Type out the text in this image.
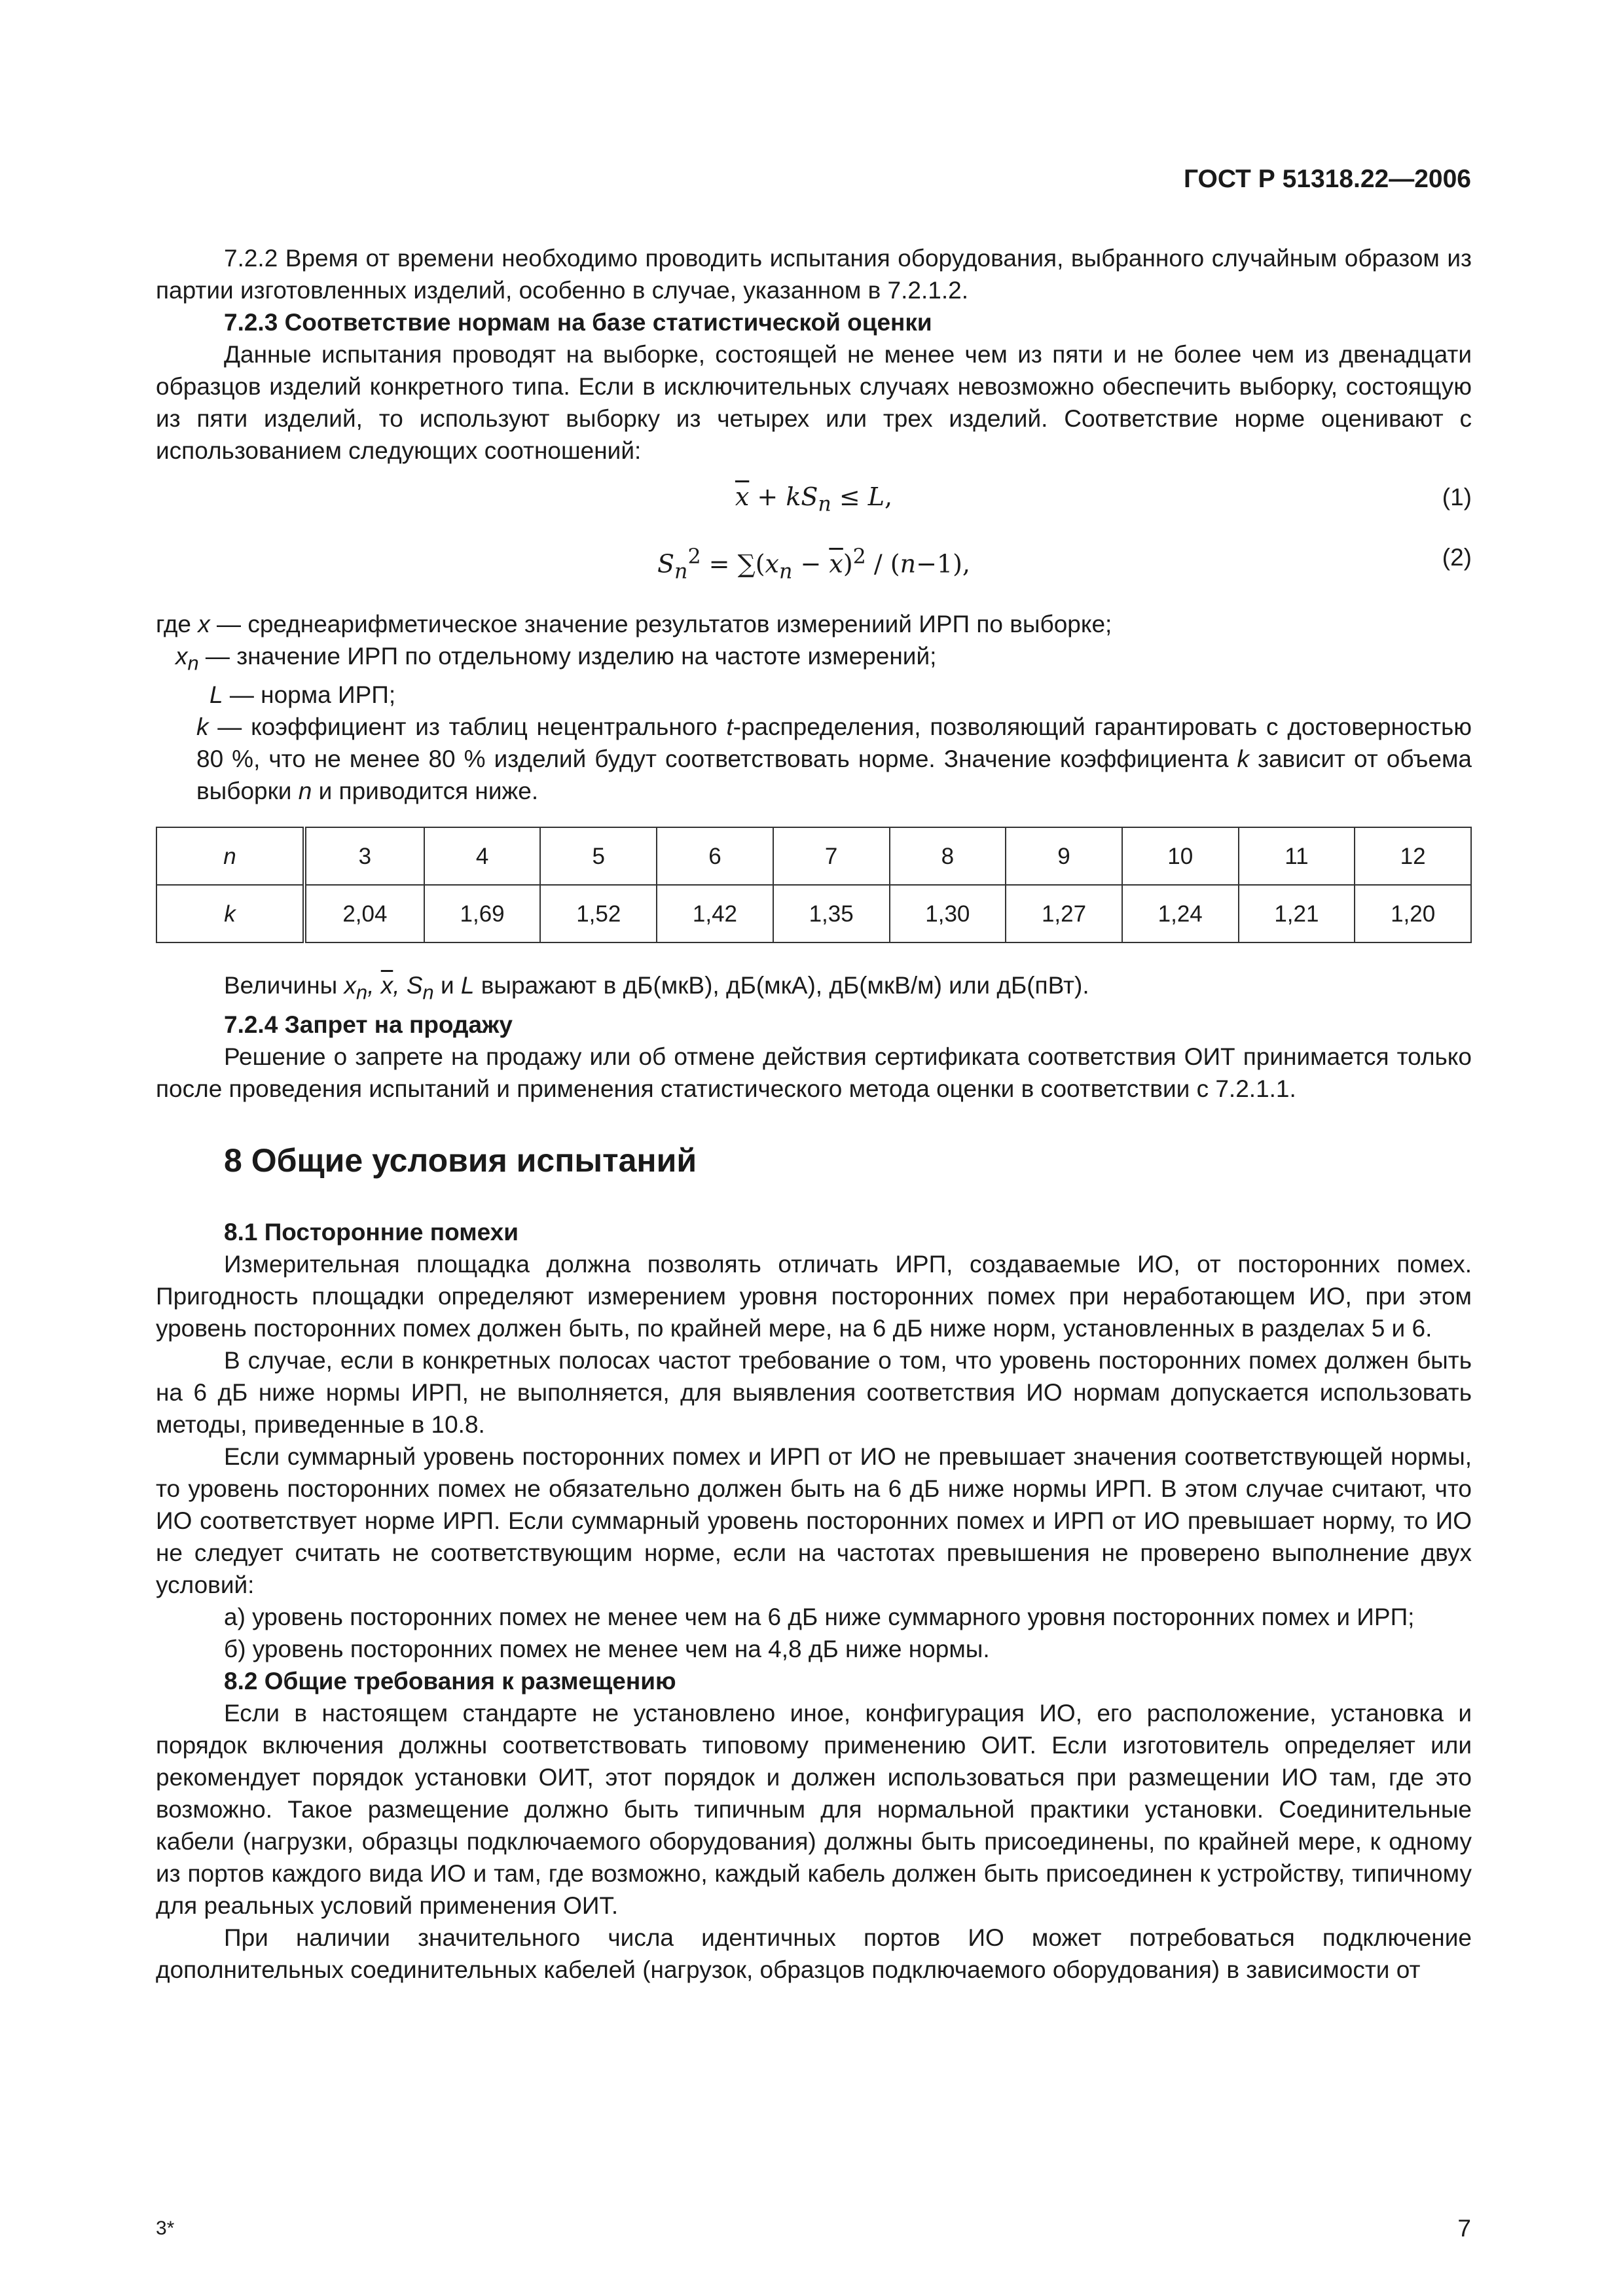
ГОСТ Р 51318.22—2006

7.2.2 Время от времени необходимо проводить испытания оборудования, выбранного случайным образом из партии изготовленных изделий, особенно в случае, указанном в 7.2.1.2.

7.2.3 Соответствие нормам на базе статистической оценки

Данные испытания проводят на выборке, состоящей не менее чем из пяти и не более чем из двенадцати образцов изделий конкретного типа. Если в исключительных случаях невозможно обеспечить выборку, состоящую из пяти изделий, то используют выборку из четырех или трех изделий. Соответствие норме оценивают с использованием следующих соотношений:

$\overline{x} + kS_n \le L$,	(1)
$S_n^2 = \sum(x_n - \overline{x})^2 / (n-1)$,	(2)

где x — среднеарифметическое значение результатов измерениий ИРП по выборке;

$x_n$ — значение ИРП по отдельному изделию на частоте измерений;

L — норма ИРП;

k — коэффициент из таблиц нецентрального t-распределения, позволяющий гарантировать с достоверностью 80 %, что не менее 80 % изделий будут соответствовать норме. Значение коэффициента k зависит от объема выборки n и приводится ниже.

n	3	4	5	6	7	8	9	10	11	12
k	2,04	1,69	1,52	1,42	1,35	1,30	1,27	1,24	1,21	1,20

Величины $x_n$, $\overline{x}$, $S_n$ и L выражают в дБ(мкВ), дБ(мкА), дБ(мкВ/м) или дБ(пВт).

7.2.4 Запрет на продажу

Решение о запрете на продажу или об отмене действия сертификата соответствия ОИТ принимается только после проведения испытаний и применения статистического метода оценки в соответствии с 7.2.1.1.

8 Общие условия испытаний

8.1 Посторонние помехи

Измерительная площадка должна позволять отличать ИРП, создаваемые ИО, от посторонних помех. Пригодность площадки определяют измерением уровня посторонних помех при неработающем ИО, при этом уровень посторонних помех должен быть, по крайней мере, на 6 дБ ниже норм, установленных в разделах 5 и 6.

В случае, если в конкретных полосах частот требование о том, что уровень посторонних помех должен быть на 6 дБ ниже нормы ИРП, не выполняется, для выявления соответствия ИО нормам допускается использовать методы, приведенные в 10.8.

Если суммарный уровень посторонних помех и ИРП от ИО не превышает значения соответствующей нормы, то уровень посторонних помех не обязательно должен быть на 6 дБ ниже нормы ИРП. В этом случае считают, что ИО соответствует норме ИРП. Если суммарный уровень посторонних помех и ИРП от ИО превышает норму, то ИО не следует считать не соответствующим норме, если на частотах превышения не проверено выполнение двух условий:

а) уровень посторонних помех не менее чем на 6 дБ ниже суммарного уровня посторонних помех и ИРП;

б) уровень посторонних помех не менее чем на 4,8 дБ ниже нормы.

8.2 Общие требования к размещению

Если в настоящем стандарте не установлено иное, конфигурация ИО, его расположение, установка и порядок включения должны соответствовать типовому применению ОИТ. Если изготовитель определяет или рекомендует порядок установки ОИТ, этот порядок и должен использоваться при размещении ИО там, где это возможно. Такое размещение должно быть типичным для нормальной практики установки. Соединительные кабели (нагрузки, образцы подключаемого оборудования) должны быть присоединены, по крайней мере, к одному из портов каждого вида ИО и там, где возможно, каждый кабель должен быть присоединен к устройству, типичному для реальных условий применения ОИТ.

При наличии значительного числа идентичных портов ИО может потребоваться подключение дополнительных соединительных кабелей (нагрузок, образцов подключаемого оборудования) в зависимости от

3*	7
